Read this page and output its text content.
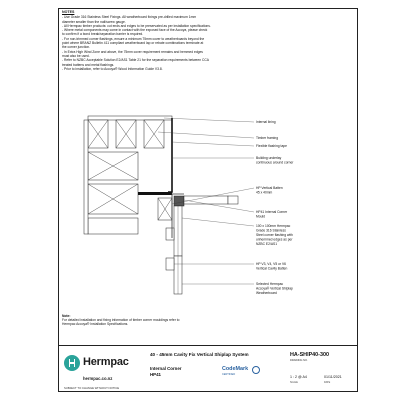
NOTES
- Use Grade 316 Stainless Steel Fixings. All weatherboard fixings pre-drilled maximum 1mm
diameter smaller than the nail/screw gauge.
- All Hermpac timber products: cut ends and edges to be preservated as per installation specifications.
- Where metal components may come in contact with the exposed face of the Accoya, please check
to confirm if a bond break/separation barrier is required.
- For non-trimmed corner flashings, ensure a minimum 75mm cover to weatherboards beyond the
point where BRANZ Bulletin 411 compliant weatherboard lap or rebate combinations terminate at
the corner junction.
- In Extra High Wind Zone and above, the 75mm cover requirement remains and hemmed edges
must also be used.
- Refer to NZBC Acceptable Solution E2/AS1 Table 21 for the separation requirements between CCA
treated battens and metal flashings.
- Prior to installation, refer to Accoya® Wood Information Guide V3.8.
Internal lining
Timber framing
Flexible flashing tape
Building underlay
continuous around corner
HP Vertical Batten
45 x 40mm
HP41 Internal Corner
Mould
100 x 100mm Hermpac
Grade 316 Stainless
Steel corner flashing with
unhemmed edges as per
NZBC E2/AS1
HP V3, V4, V5 or V6
Vertical Cavity Batten
Selected Hermpac
Accoya® Vertical Shiplap
Weatherboard
Note:
For detailed installation and fixing information of timber corner mouldings refer to
Hermpac Accoya® Installation Specifications.
Hermpac
hermpac.co.nz
SUBJECT TO CHANGE WITHOUT NOTICE
40 - 45mm Cavity Fix Vertical Shiplap System
Internal Corner
HP41
CodeMark
CERTIFIED
HA-SHIP40-300
DRAWING NO.
1 : 2 @ A4
SCALE
01/11/2021
DATE
